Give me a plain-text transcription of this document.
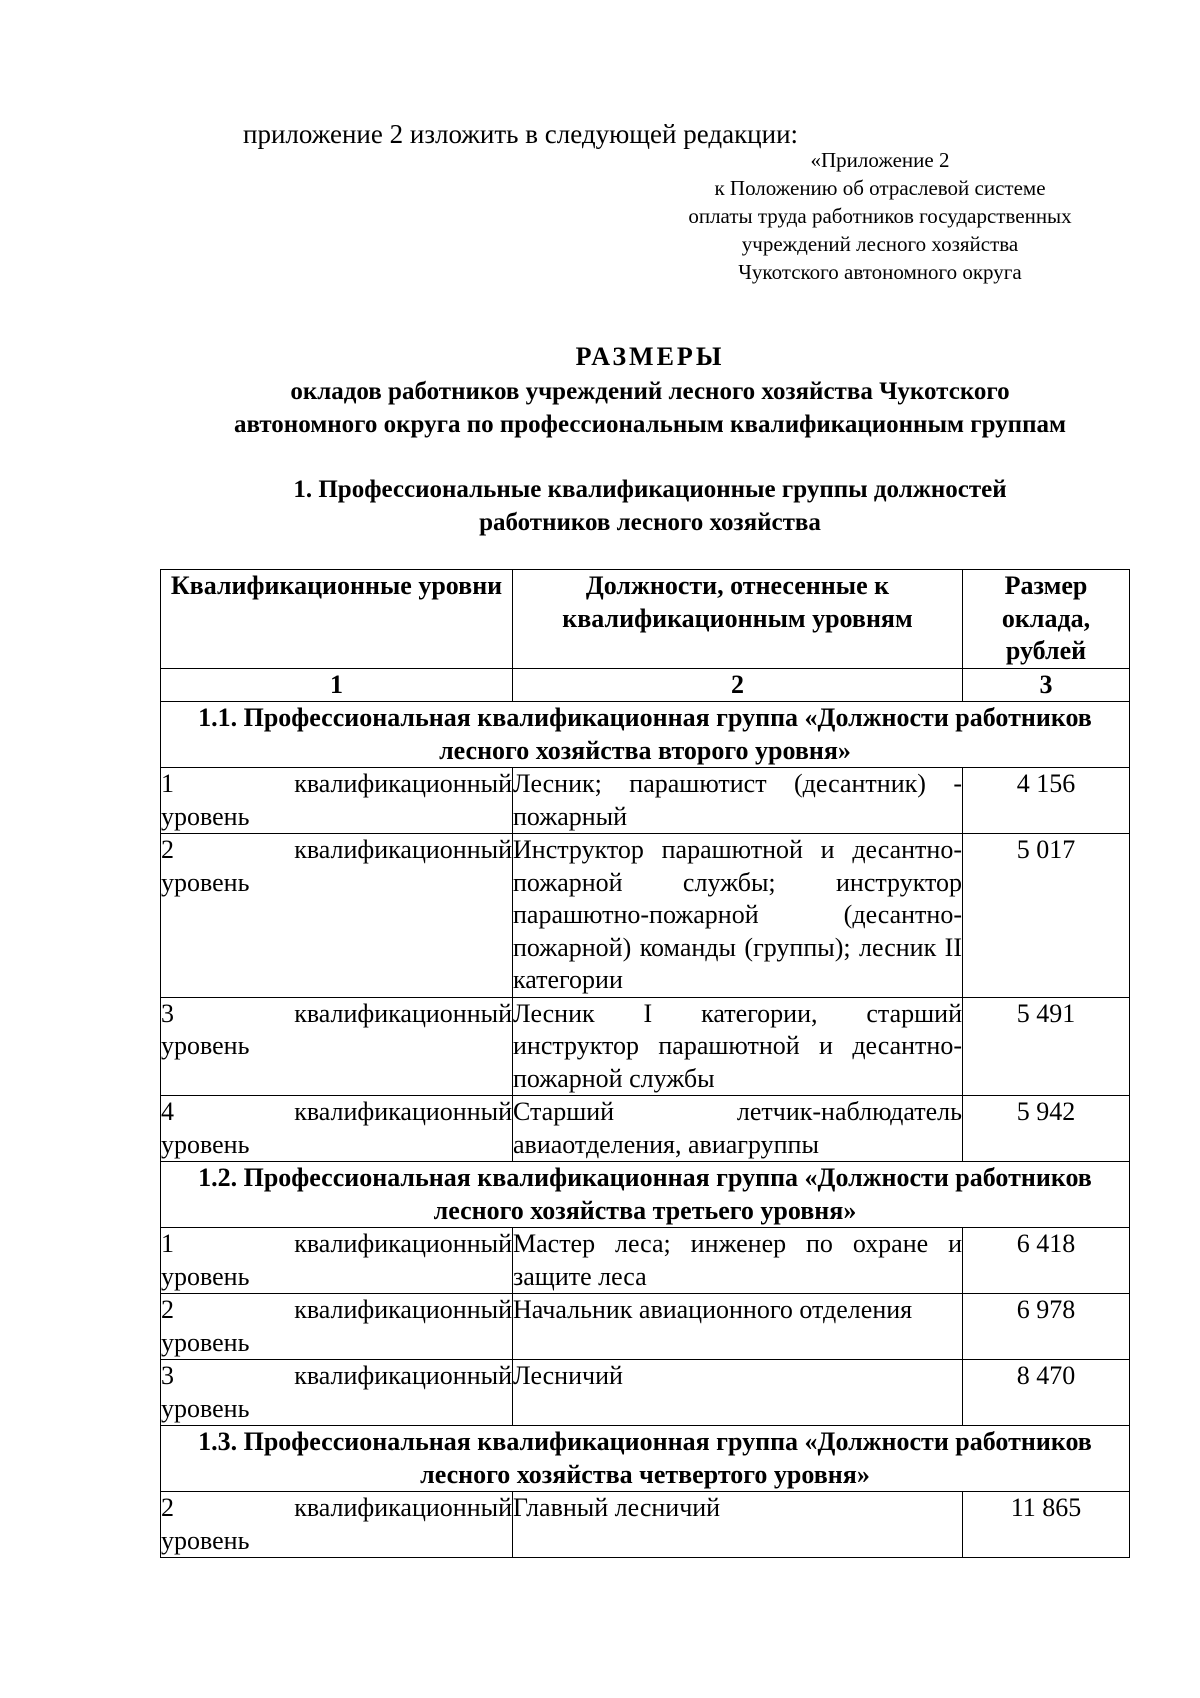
приложение 2 изложить в следующей редакции:
«Приложение 2
к Положению об отраслевой системе
оплаты труда работников государственных
учреждений лесного хозяйства
Чукотского автономного округа
РАЗМЕРЫ
окладов работников учреждений лесного хозяйства Чукотского
автономного округа по профессиональным квалификационным группам
1. Профессиональные квалификационные группы должностей
работников лесного хозяйства
Квалификационные уровни	Должности, отнесенные к квалификационным уровням	Размер оклада, рублей
1	2	3
1.1. Профессиональная квалификационная группа «Должности работников лесного хозяйства второго уровня»		

1 квалификационный
уровень	Лесник; парашютист (десантник) - пожарный	4 156

2 квалификационный
уровень	Инструктор парашютной и десантно-пожарной службы; инструктор парашютно-пожарной (десантно-пожарной) команды (группы); лесник II категории	5 017

3 квалификационный
уровень	Лесник I категории, старший инструктор парашютной и десантно-пожарной службы	5 491

4 квалификационный
уровень	Старший летчик-наблюдатель авиаотделения, авиагруппы	5 942
1.2. Профессиональная квалификационная группа «Должности работников лесного хозяйства третьего уровня»		

1 квалификационный
уровень	Мастер леса; инженер по охране и защите леса	6 418

2 квалификационный
уровень	Начальник авиационного отделения	6 978

3 квалификационный
уровень	Лесничий	8 470
1.3. Профессиональная квалификационная группа «Должности работников лесного хозяйства четвертого уровня»		

2 квалификационный
уровень	Главный лесничий	11 865
